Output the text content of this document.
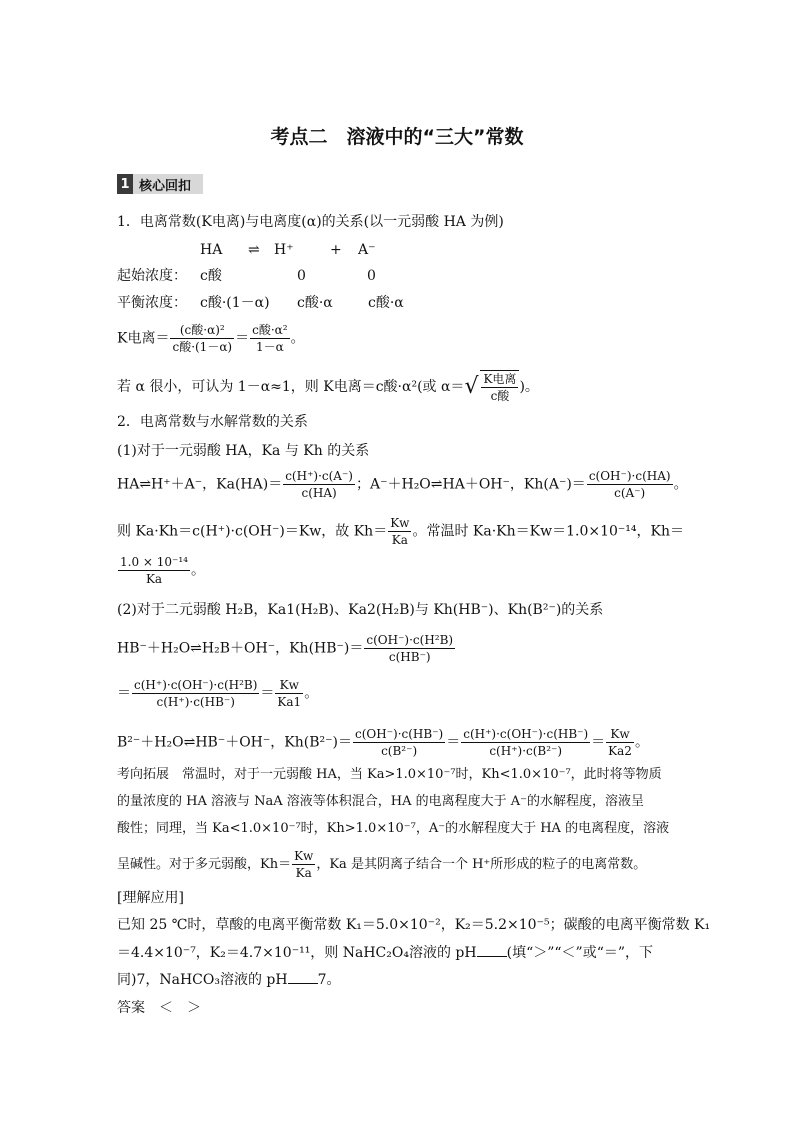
考点二　溶液中的“三大”常数
1 核心回扣
1．电离常数(K电离)与电离度(α)的关系(以一元弱酸 HA 为例)
HA ⇌ H⁺	+ A⁻
起始浓度： c酸	0	0
平衡浓度： c酸·(1－α) c酸·α	c酸·α
K电离＝ $\frac{\text{(c酸·α)²}}{\text{c酸·(1－α)}} = \frac{\text{c酸·α²}}{1-\alpha}$ 。
若 α 很小，可认为 1－α≈1，则 K电离＝c酸·α²(或 $\alpha=√ \frac{\text{K电离}}{\text{c酸}}$ )。
2．电离常数与水解常数的关系
(1)对于一元弱酸 HA，Ka 与 Kh 的关系
HA⇌H⁺＋A⁻，$Ka(HA)= \frac{c(H^+)\cdot c(A^-)}{c(HA)}$ ；A⁻＋H₂O⇌HA＋OH⁻，$Kh(A^-)= \frac{c(OH^-)\cdot c(HA)}{c(A^-)}$ 。
则 Ka·Kh＝c(H⁺)·c(OH⁻)＝Kw，故 $Kh= \frac{Kw}{Ka}$ 。常温时 Ka·Kh＝Kw＝1.0×10⁻¹⁴，Kh＝
$\frac{\text{1.0 × 10⁻¹⁴}}{Ka}$ 。
(2)对于二元弱酸 H₂B，Ka1(H₂B)、Ka2(H₂B)与 Kh(HB⁻)、Kh(B²⁻)的关系
HB⁻＋H₂O⇌H₂B＋OH⁻，$Kh(HB^-)= \frac{\text{c(OH⁻)·c(H²B)}}{c(HB^-)}$
＝ $\frac{\text{c(H⁺)·c(OH⁻)·c(H²B)}}{c(H^+)\cdot c(HB^-)} = \frac{Kw}{Ka1}$ 。
B²⁻＋H₂O⇌HB⁻＋OH⁻，$Kh(B^{2-})= \frac{c(OH^-)\cdot c(HB^-)}{\text{c(B²⁻)}} = \frac{c(H^+)\cdot c(OH^-)\cdot c(HB^-)}{\text{c(H⁺)·c(B²⁻)}} = \frac{Kw}{Ka2}$ 。
考向拓展　常温时，对于一元弱酸 HA，当 Ka>1.0×10⁻⁷时，Kh<1.0×10⁻⁷，此时将等物质
的量浓度的 HA 溶液与 NaA 溶液等体积混合，HA 的电离程度大于 A⁻的水解程度，溶液呈
酸性；同理，当 Ka<1.0×10⁻⁷时，Kh>1.0×10⁻⁷，A⁻的水解程度大于 HA 的电离程度，溶液
呈碱性。对于多元弱酸，$Kh= \frac{Kw}{Ka}$ ，Ka 是其阴离子结合一个 H⁺所形成的粒子的电离常数。
[理解应用]
已知 25 ℃时，草酸的电离平衡常数 K₁＝5.0×10⁻²，K₂＝5.2×10⁻⁵；碳酸的电离平衡常数 K₁
＝4.4×10⁻⁷，K₂＝4.7×10⁻¹¹，则 NaHC₂O₄溶液的 pH (填“＞”“＜”或“＝”，下
同)7，NaHCO₃溶液的 pH 7。
答案　＜　＞
